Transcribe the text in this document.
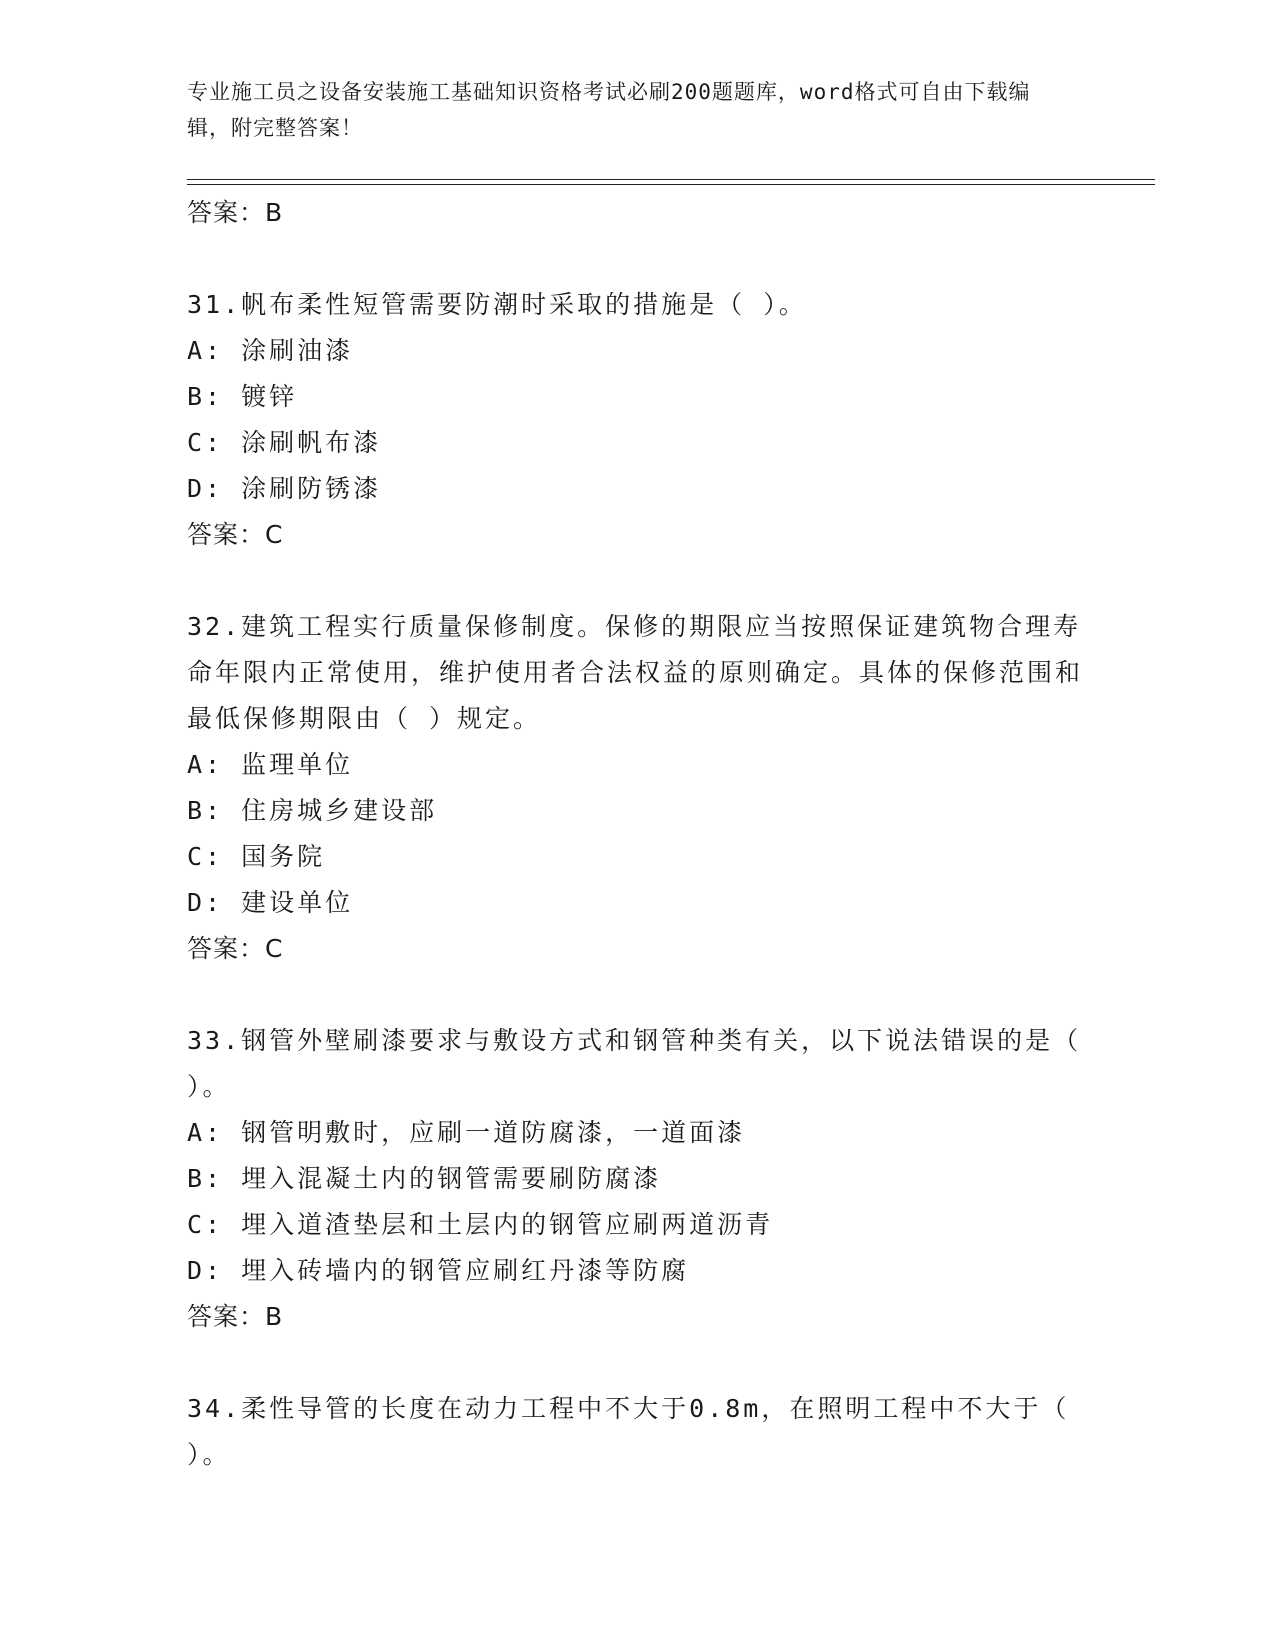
专业施工员之设备安装施工基础知识资格考试必刷200题题库，word格式可自由下载编辑，附完整答案！

答案：B

31.帆布柔性短管需要防潮时采取的措施是（ ）。

A: 涂刷油漆

B: 镀锌

C: 涂刷帆布漆

D: 涂刷防锈漆

答案：C

32.建筑工程实行质量保修制度。保修的期限应当按照保证建筑物合理寿命年限内正常使用，维护使用者合法权益的原则确定。具体的保修范围和最低保修期限由（ ）规定。

A: 监理单位

B: 住房城乡建设部

C: 国务院

D: 建设单位

答案：C

33.钢管外壁刷漆要求与敷设方式和钢管种类有关，以下说法错误的是（ ）。

A: 钢管明敷时，应刷一道防腐漆，一道面漆

B: 埋入混凝土内的钢管需要刷防腐漆

C: 埋入道渣垫层和土层内的钢管应刷两道沥青

D: 埋入砖墙内的钢管应刷红丹漆等防腐

答案：B

34.柔性导管的长度在动力工程中不大于0.8m，在照明工程中不大于（ ）。
